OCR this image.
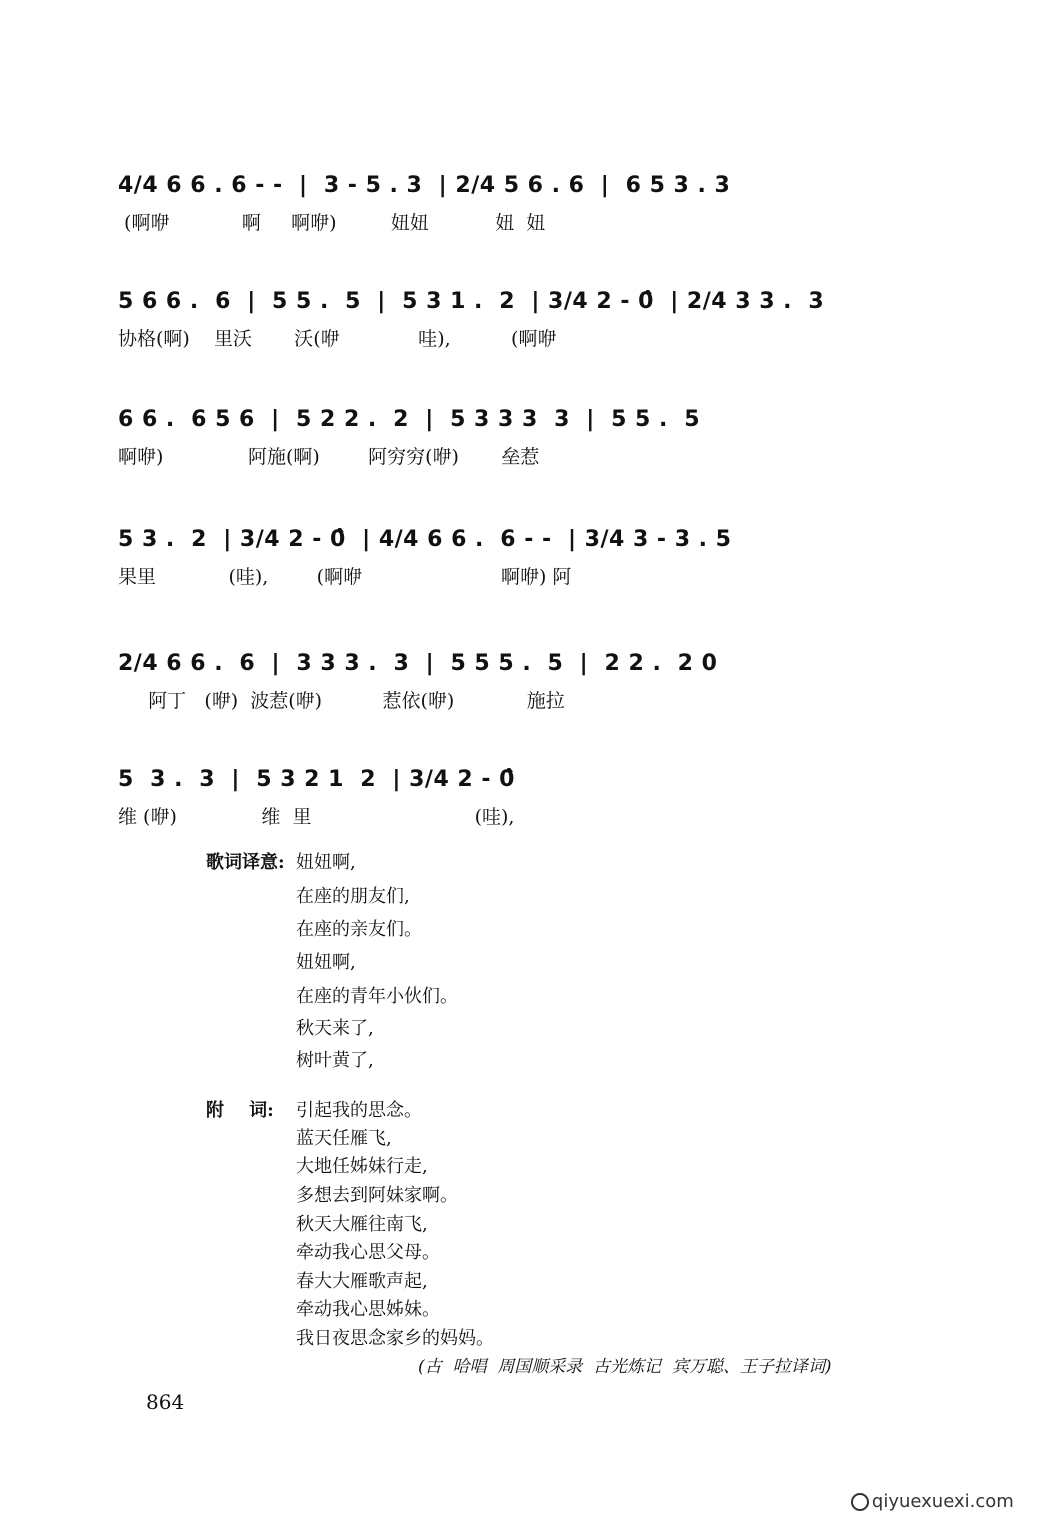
4/4 6 6 . 6 - -  |  3 - 5 . 3  | 2/4 5 6 . 6  |  6 5 3 . 3
(啊咿            啊     啊咿)         妞妞           妞  妞
5 6 6 .  6  |  5 5 .  5  |  5 3 1 .  2  | 3/4 2 - 0̂  | 2/4 3 3 .  3
协格(啊)    里沃       沃(咿             哇),          (啊咿
6 6 .  6 5 6  |  5 2 2 .  2  |  5 3 3 3  3  |  5 5 .  5
啊咿)              阿施(啊)        阿穷穷(咿)       垒惹
5 3 .  2  | 3/4 2 - 0̂  | 4/4 6 6 .  6 - -  | 3/4 3 - 3 . 5
果里            (哇),        (啊咿                       啊咿) 阿
2/4 6 6 .  6  |  3 3 3 .  3  |  5 5 5 .  5  |  2 2 .  2 0
阿丁   (咿)  波惹(咿)          惹依(咿)            施拉
5  3 .  3  |  5 3 2 1  2  | 3/4 2 - 0̂
维 (咿)              维  里                           (哇),
歌词译意: 妞妞啊,
在座的朋友们,
在座的亲友们。
妞妞啊,
在座的青年小伙们。
秋天来了,
树叶黄了,
附    词: 引起我的思念。
蓝天任雁飞,
大地任姊妹行走,
多想去到阿妹家啊。
秋天大雁往南飞,
牵动我心思父母。
春大大雁歌声起,
牵动我心思姊妹。
我日夜思念家乡的妈妈。
(古  哈唱  周国顺采录  古光炼记  宾万聪、王子拉译词)
864

qiyuexuexi.com
